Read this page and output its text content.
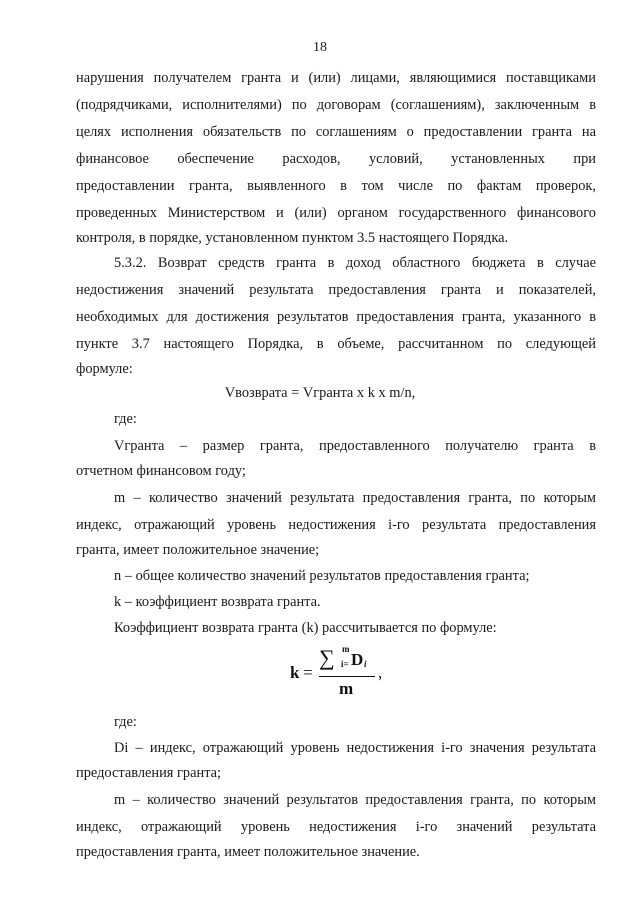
18
нарушения получателем гранта и (или) лицами, являющимися поставщиками
(подрядчиками, исполнителями) по договорам (соглашениям), заключенным в
целях исполнения обязательств по соглашениям о предоставлении гранта на
финансовое обеспечение расходов, условий, установленных при
предоставлении гранта, выявленного в том числе по фактам проверок,
проведенных Министерством и (или) органом государственного финансового
контроля, в порядке, установленном пунктом 3.5 настоящего Порядка.
5.3.2. Возврат средств гранта в доход областного бюджета в случае
недостижения значений результата предоставления гранта и показателей,
необходимых для достижения результатов предоставления гранта, указанного в
пункте 3.7 настоящего Порядка, в объеме, рассчитанном по следующей
формуле:
Vвозврата = Vгранта x k x m/n,
где:
Vгранта – размер гранта, предоставленного получателю гранта в
отчетном финансовом году;
m – количество значений результата предоставления гранта, по которым
индекс, отражающий уровень недостижения i-го результата предоставления
гранта, имеет положительное значение;
n – общее количество значений результатов предоставления гранта;
k – коэффициент возврата гранта.
Коэффициент возврата гранта (k) рассчитывается по формуле:
k =
∑ m
i= D i
m
,
где:
Di – индекс, отражающий уровень недостижения i-го значения результата
предоставления гранта;
m – количество значений результатов предоставления гранта, по которым
индекс, отражающий уровень недостижения i-го значений результата
предоставления гранта, имеет положительное значение.
